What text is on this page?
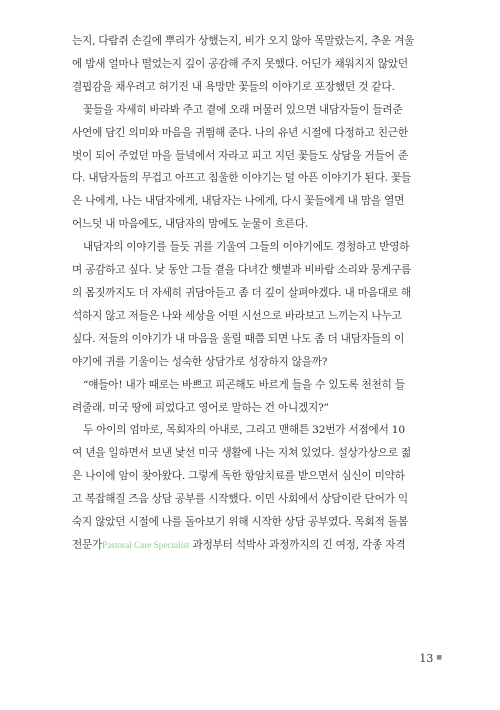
는지, 다람쥐 손길에 뿌리가 상했는지, 비가 오지 않아 목말랐는지, 추운 겨울
에 밤새 얼마나 떨었는지 깊이 공감해 주지 못했다. 어딘가 채워지지 않았던
결핍감을 채우려고 허기진 내 욕망만 꽃들의 이야기로 포장했던 것 같다.
꽃들을 자세히 바라봐 주고 곁에 오래 머물러 있으면 내담자들이 들려준
사연에 담긴 의미와 마음을 귀띔해 준다. 나의 유년 시절에 다정하고 친근한
벗이 되어 주었던 마을 들녘에서 자라고 피고 지던 꽃들도 상담을 거들어 준
다. 내담자들의 무겁고 아프고 침울한 이야기는 덜 아픈 이야기가 된다. 꽃들
은 나에게, 나는 내담자에게, 내담자는 나에게, 다시 꽃들에게 내 맘을 열면
어느덧 내 마음에도, 내담자의 맘에도 눈물이 흐른다.
내담자의 이야기를 들듯 귀를 기울여 그들의 이야기에도 경청하고 반영하
며 공감하고 싶다. 낮 동안 그들 곁을 다녀간 햇볕과 비바람 소리와 뭉게구름
의 몸짓까지도 더 자세히 귀담아듣고 좀 더 깊이 살펴야겠다. 내 마음대로 해
석하지 않고 저들은 나와 세상을 어떤 시선으로 바라보고 느끼는지 나누고
싶다. 저들의 이야기가 내 마음을 울릴 때쯤 되면 나도 좀 더 내담자들의 이
야기에 귀를 기울이는 성숙한 상담가로 성장하지 않을까?
“얘들아! 내가 때로는 바쁘고 피곤해도 바르게 들을 수 있도록 천천히 들
려줄래. 미국 땅에 피었다고 영어로 말하는 건 아니겠지?”
두 아이의 엄마로, 목회자의 아내로, 그리고 맨해튼 32번가 서점에서 10
여 년을 일하면서 보낸 낯선 미국 생활에 나는 지쳐 있었다. 설상가상으로 젊
은 나이에 암이 찾아왔다. 그렇게 독한 항암치료를 받으면서 심신이 미약하
고 복잡해질 즈음 상담 공부를 시작했다. 이민 사회에서 상담이란 단어가 익
숙지 않았던 시절에 나를 돌아보기 위해 시작한 상담 공부였다. 목회적 돌봄
전문가Pastoral Care Specialist 과정부터 석박사 과정까지의 긴 여정, 각종 자격
13 ■
